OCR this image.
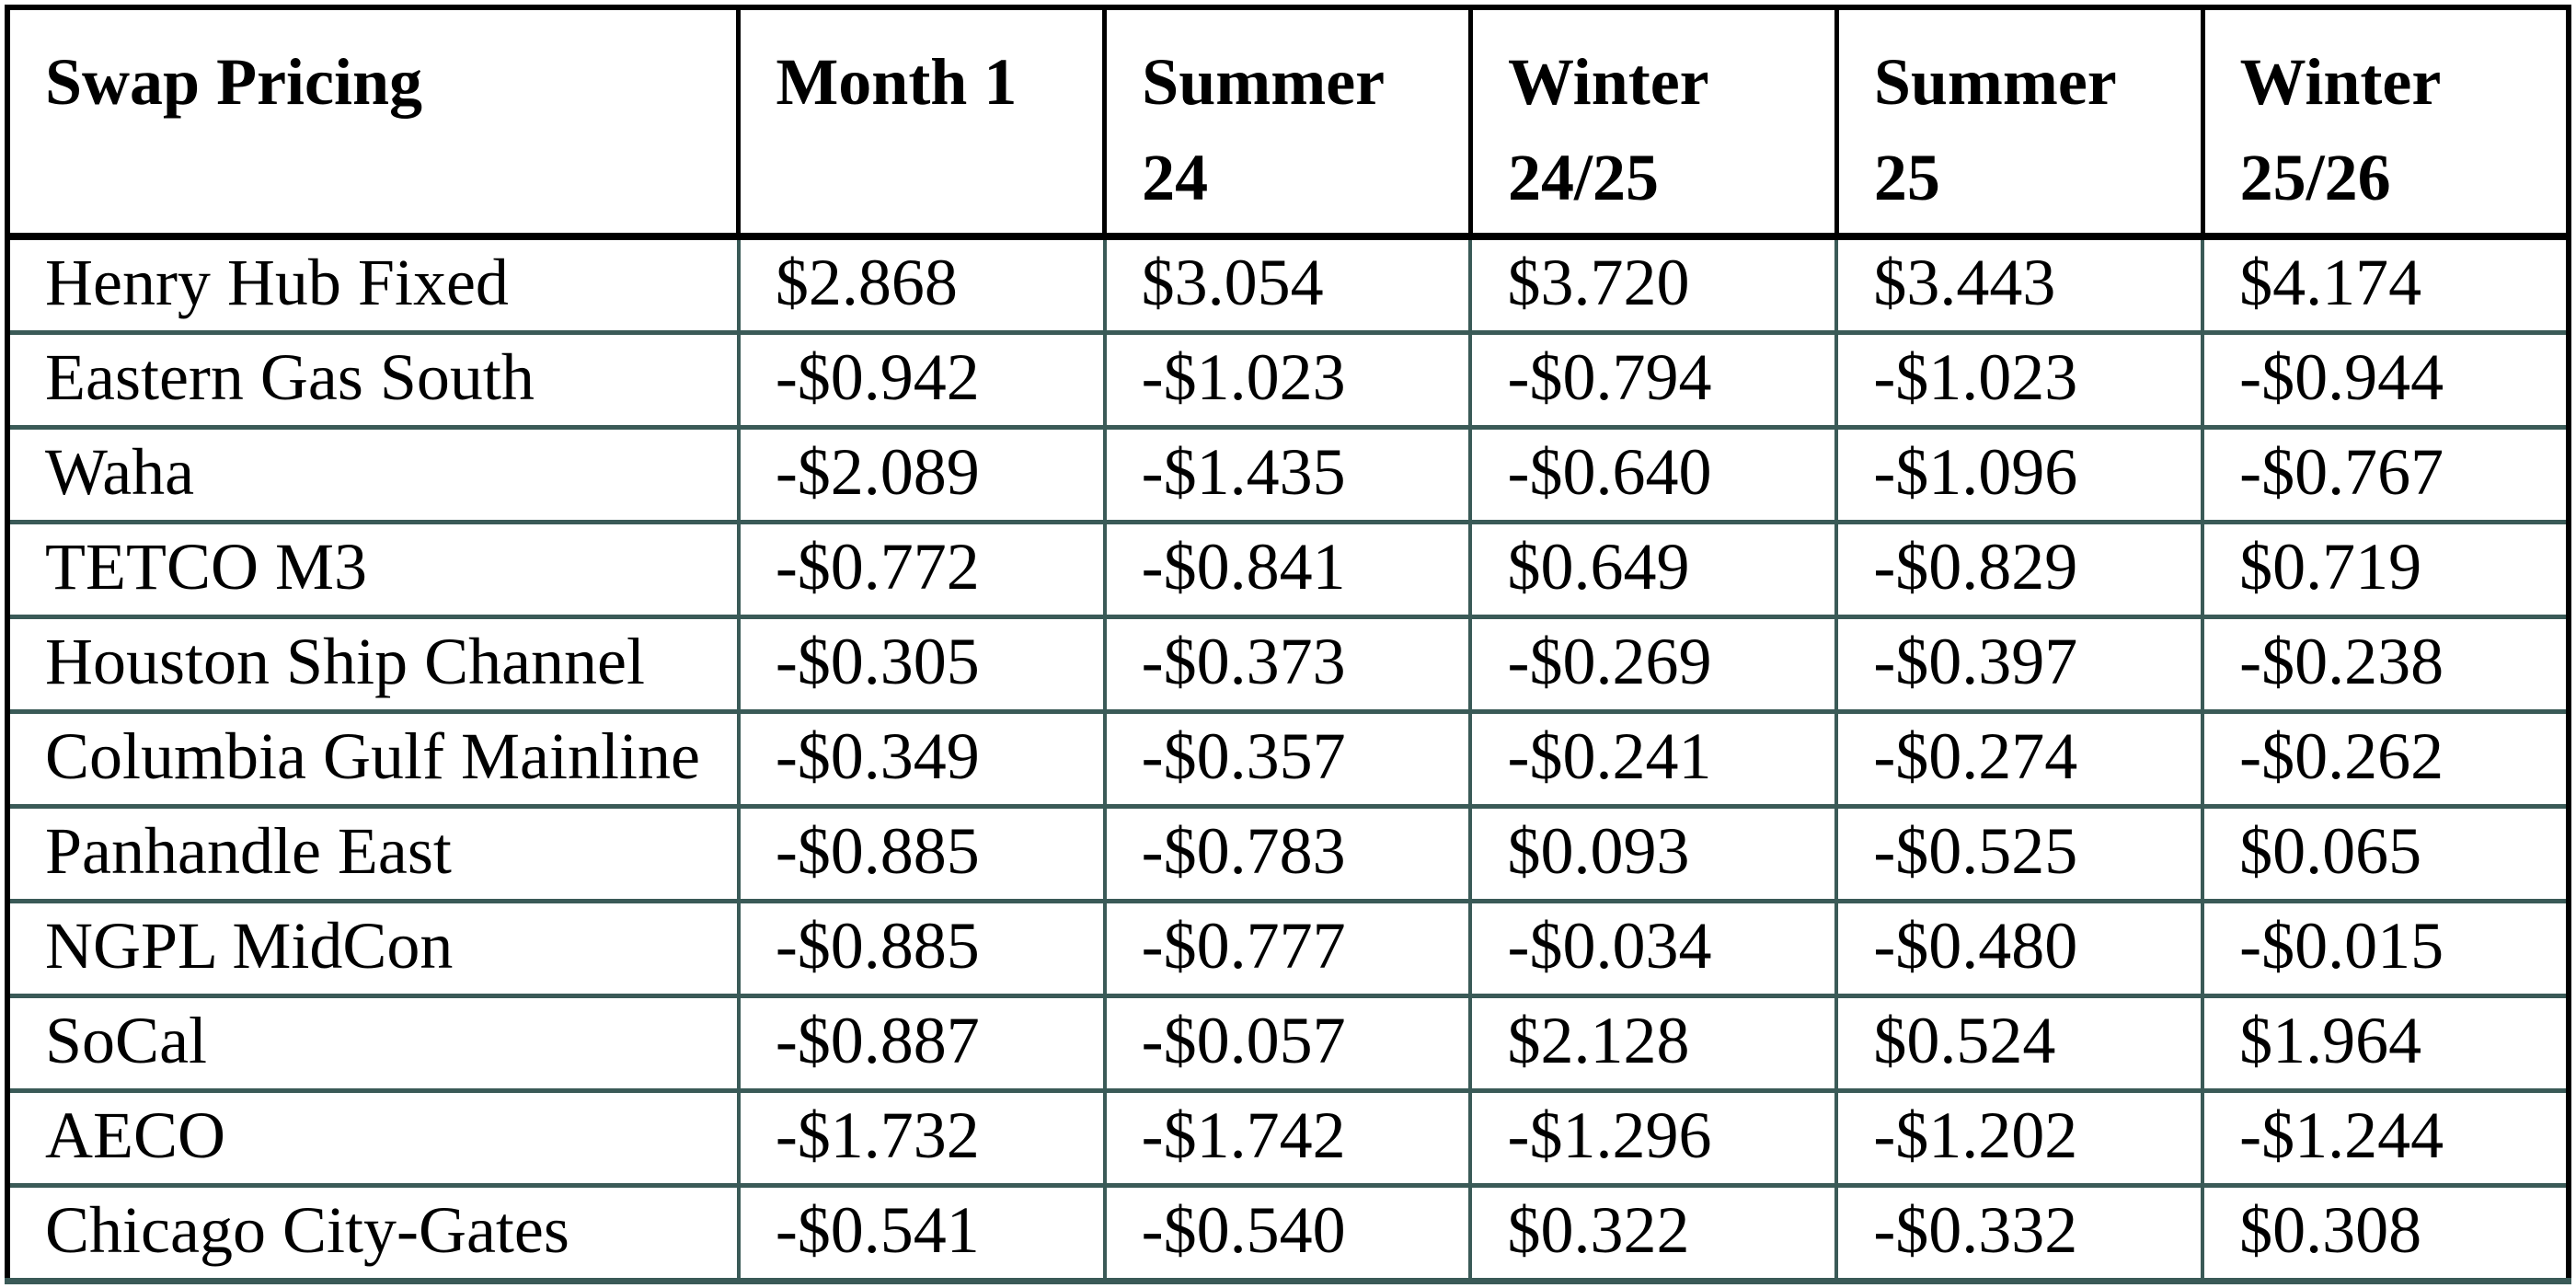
Swap Pricing	Month 1	Summer 24	Winter 24/25	Summer 25	Winter 25/26
Henry Hub Fixed	$2.868	$3.054	$3.720	$3.443	$4.174
Eastern Gas South	-$0.942	-$1.023	-$0.794	-$1.023	-$0.944
Waha	-$2.089	-$1.435	-$0.640	-$1.096	-$0.767
TETCO M3	-$0.772	-$0.841	$0.649	-$0.829	$0.719
Houston Ship Channel	-$0.305	-$0.373	-$0.269	-$0.397	-$0.238
Columbia Gulf Mainline	-$0.349	-$0.357	-$0.241	-$0.274	-$0.262
Panhandle East	-$0.885	-$0.783	$0.093	-$0.525	$0.065
NGPL MidCon	-$0.885	-$0.777	-$0.034	-$0.480	-$0.015
SoCal	-$0.887	-$0.057	$2.128	$0.524	$1.964
AECO	-$1.732	-$1.742	-$1.296	-$1.202	-$1.244
Chicago City-Gates	-$0.541	-$0.540	$0.322	-$0.332	$0.308
